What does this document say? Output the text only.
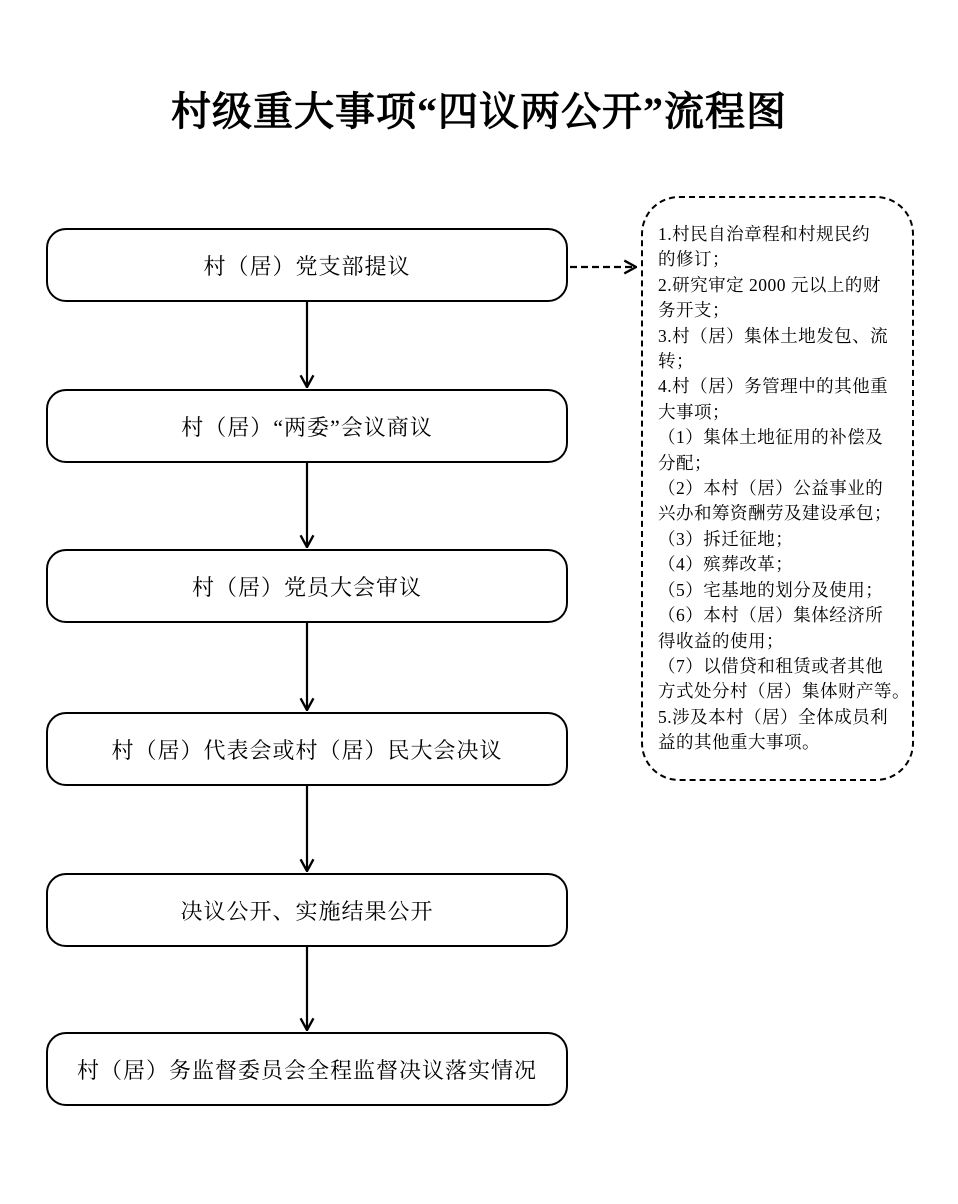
村级重大事项“四议两公开”流程图
村（居）党支部提议
村（居）“两委”会议商议
村（居）党员大会审议
村（居）代表会或村（居）民大会决议
决议公开、实施结果公开
村（居）务监督委员会全程监督决议落实情况
1.村民自治章程和村规民约
的修订；
2.研究审定 2000 元以上的财
务开支；
3.村（居）集体土地发包、流
转；
4.村（居）务管理中的其他重
大事项；
（1）集体土地征用的补偿及
分配；
（2）本村（居）公益事业的
兴办和筹资酬劳及建设承包；
（3）拆迁征地；
（4）殡葬改革；
（5）宅基地的划分及使用；
（6）本村（居）集体经济所
得收益的使用；
（7）以借贷和租赁或者其他
方式处分村（居）集体财产等。
5.涉及本村（居）全体成员利
益的其他重大事项。
